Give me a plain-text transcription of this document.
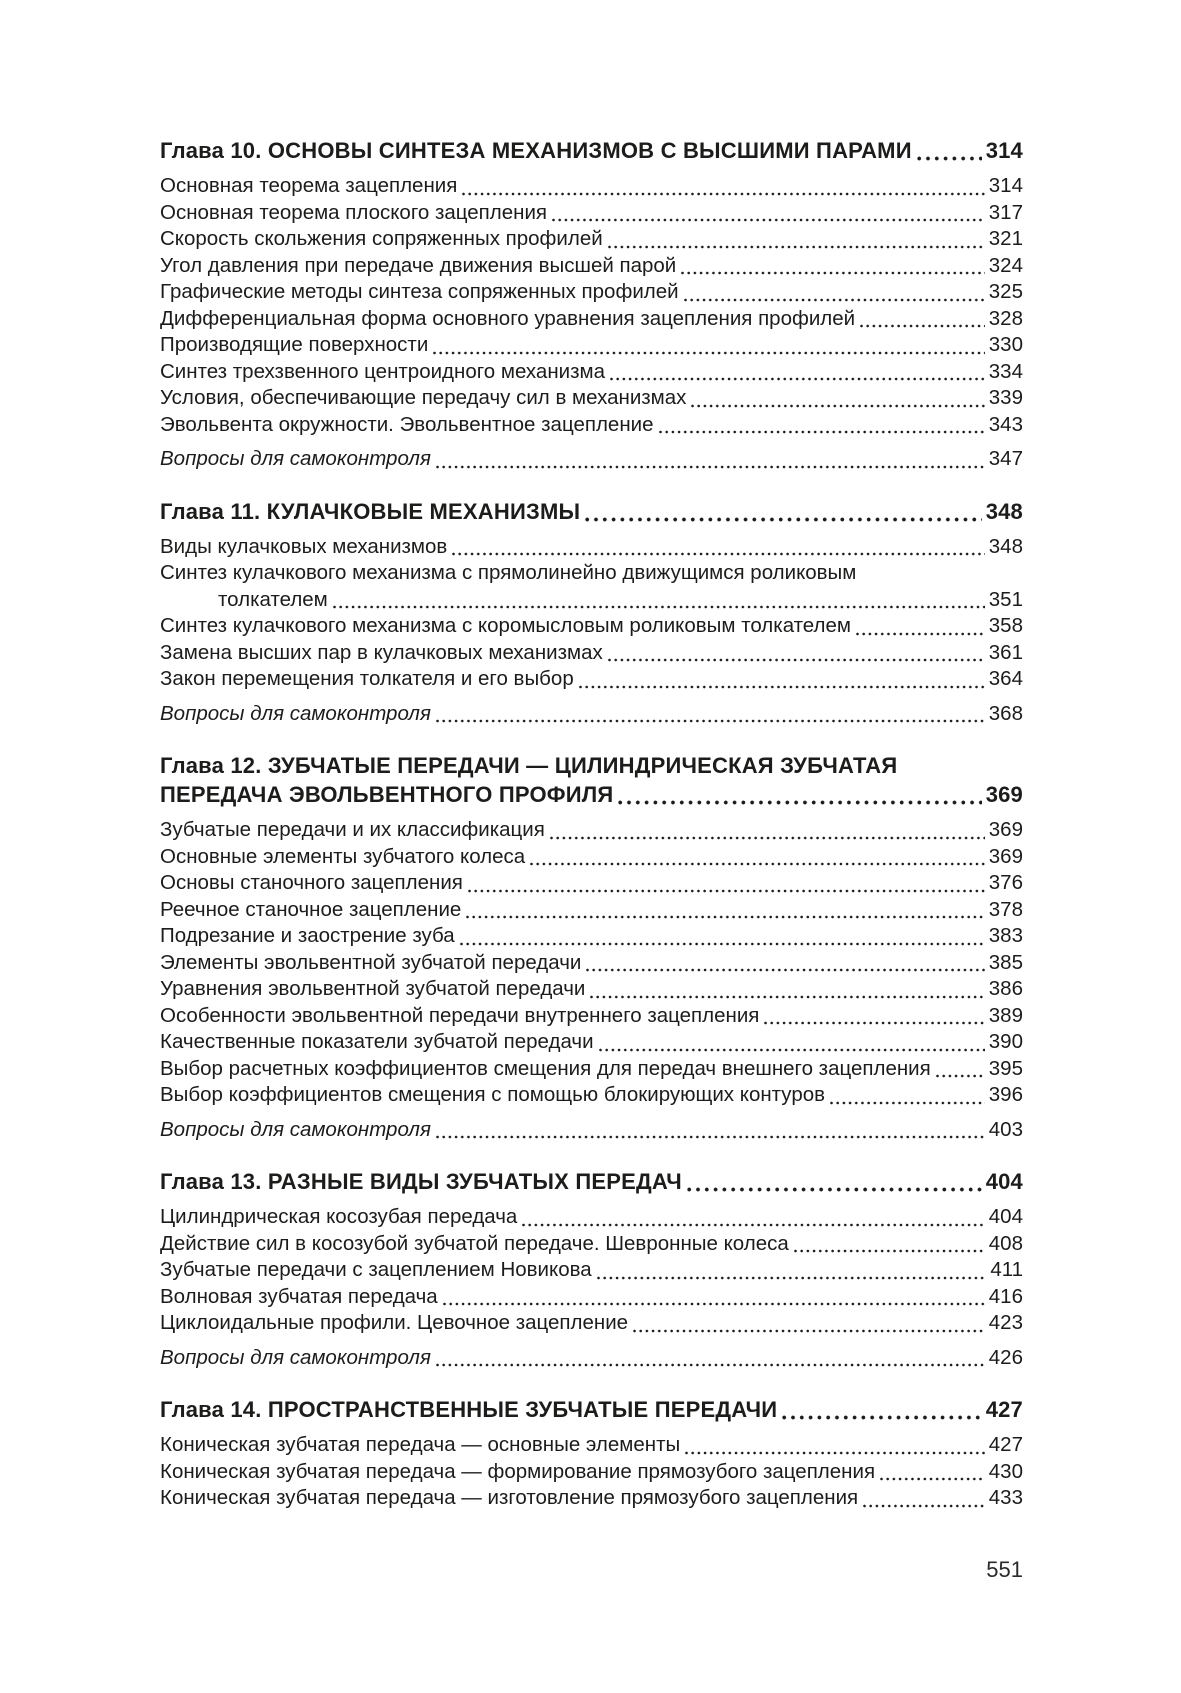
Глава 10. ОСНОВЫ СИНТЕЗА МЕХАНИЗМОВ С ВЫСШИМИ ПАРАМИ	314
Основная теорема зацепления	314
Основная теорема плоского зацепления	317
Скорость скольжения сопряженных профилей	321
Угол давления при передаче движения высшей парой	324
Графические методы синтеза сопряженных профилей	325
Дифференциальная форма основного уравнения зацепления профилей	328
Производящие поверхности	330
Синтез трехзвенного центроидного механизма	334
Условия, обеспечивающие передачу сил в механизмах	339
Эвольвента окружности. Эвольвентное зацепление	343
Вопросы для самоконтроля	347
Глава 11. КУЛАЧКОВЫЕ МЕХАНИЗМЫ	348
Виды кулачковых механизмов	348
Синтез кулачкового механизма с прямолинейно движущимся роликовым
толкателем	351
Синтез кулачкового механизма с коромысловым роликовым толкателем	358
Замена высших пар в кулачковых механизмах	361
Закон перемещения толкателя и его выбор	364
Вопросы для самоконтроля	368
Глава 12. ЗУБЧАТЫЕ ПЕРЕДАЧИ — ЦИЛИНДРИЧЕСКАЯ ЗУБЧАТАЯ
ПЕРЕДАЧА ЭВОЛЬВЕНТНОГО ПРОФИЛЯ	369
Зубчатые передачи и их классификация	369
Основные элементы зубчатого колеса	369
Основы станочного зацепления	376
Реечное станочное зацепление	378
Подрезание и заострение зуба	383
Элементы эвольвентной зубчатой передачи	385
Уравнения эвольвентной зубчатой передачи	386
Особенности эвольвентной передачи внутреннего зацепления	389
Качественные показатели зубчатой передачи	390
Выбор расчетных коэффициентов смещения для передач внешнего зацепления	395
Выбор коэффициентов смещения с помощью блокирующих контуров	396
Вопросы для самоконтроля	403
Глава 13. РАЗНЫЕ ВИДЫ ЗУБЧАТЫХ ПЕРЕДАЧ	404
Цилиндрическая косозубая передача	404
Действие сил в косозубой зубчатой передаче. Шевронные колеса	408
Зубчатые передачи с зацеплением Новикова	411
Волновая зубчатая передача	416
Циклоидальные профили. Цевочное зацепление	423
Вопросы для самоконтроля	426
Глава 14. ПРОСТРАНСТВЕННЫЕ ЗУБЧАТЫЕ ПЕРЕДАЧИ	427
Коническая зубчатая передача — основные элементы	427
Коническая зубчатая передача — формирование прямозубого зацепления	430
Коническая зубчатая передача — изготовление прямозубого зацепления	433
551
